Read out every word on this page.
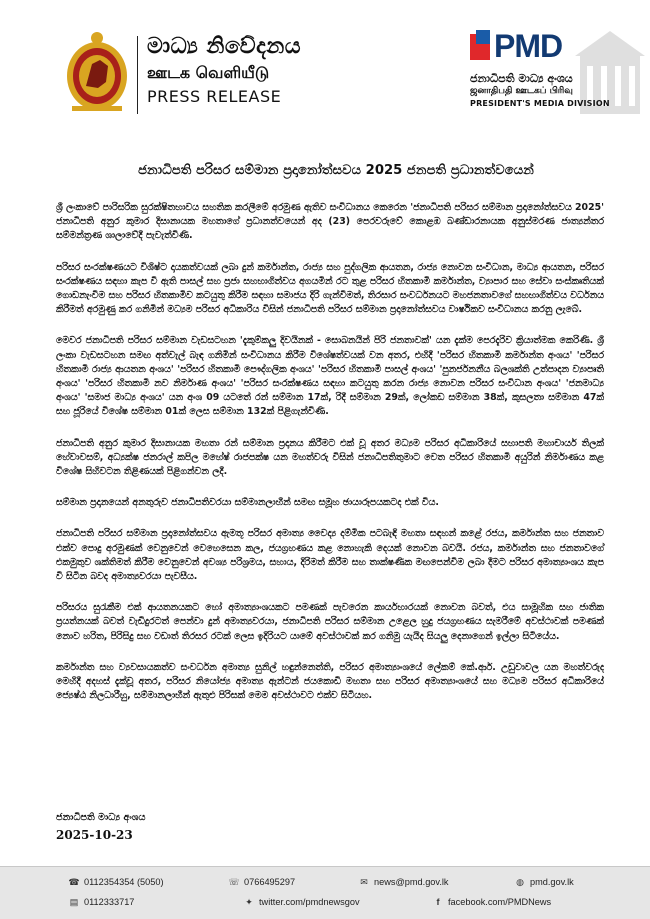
මාධ්‍ය නිවේදනය
ஊடக வெளியீடு
PRESS RELEASE
PMD
ජනාධිපති මාධ්‍ය අංශය
ஜனாதிபதி ஊடகப் பிரிவு
PRESIDENT'S MEDIA DIVISION
ජනාධිපති පරිසර සම්මාන ප්‍රදානෝත්සවය 2025 ජනපති ප්‍රධානත්වයෙන්

ශ්‍රී ලංකාවේ පාරිසරික සුරක්ෂිතභාවය සහතික කරලීමේ අරමුණ ඇතිව සංවිධානය කෙරෙන 'ජනාධිපති පරිසර සම්මාන ප්‍රදානෝත්සවය 2025' ජනාධිපති අනුර කුමාර දිසානායක මහතාගේ ප්‍රධානත්වයෙන් අද (23) පෙරවරුවේ කොළඹ බණ්ඩාරනායක අනුස්මරණ ජාත්‍යන්තර සම්මන්ත්‍රණ ශාලාවේදී පැවැත්විණි.

පරිසර සංරක්ෂණයට විශිෂ්ට දායකත්වයක් ලබා දුන් කර්මාන්ත, රාජ්‍ය සහ පුද්ගලික ආයතන, රාජ්‍ය නොවන සංවිධාන, මාධ්‍ය ආයතන, පරිසර සංරක්ෂණය සඳහා කැප වී ඇති පාසල් සහ ප්‍රජා සහභාගිත්වය අගයමින් රට තුළ පරිසර හිතකාමී කර්මාන්ත, ව්‍යාපාර සහ සේවා සංස්කෘතියක් ගොඩනැංවීම සහ පරිසර හිතකාමීව කටයුතු කිරීම සඳහා සමාජය දිරි ගැන්වීමත්, තිරසාර සංවර්ධනයට මහජනතාවගේ සහභාගිත්වය වර්ධනය කිරීමත් අරමුණු කර ගනිමින් මධ්‍යම පරිසර අධිකාරිය විසින් ජනාධිපති පරිසර සම්මාන ප්‍රදානෝත්සවය වාර්ෂිකව සංවිධානය කරනු ලැබේ.

මෙවර ජනාධිපති පරිසර සම්මාන වැඩසටහන 'දැකුම්කලු දිවයිනක් - සොබනයින් පිරි ජනතාවක්' යන දැක්ම පෙරදැරිව ක්‍රියාත්මක කෙරිණි. ශ්‍රී ලංකා වැඩසටහන සමඟ අත්වැල් බැඳ ගනිමින් සංවිධානය කිරීම විශේෂත්වයක් වන අතර, එහිදී 'පරිසර හිතකාමී කර්මාන්ත අංශය' 'පරිසර හිතකාමී රාජ්‍ය ආයතන අංශය' 'පරිසර හිතකාමී පෞද්ගලික අංශය' 'පරිසර හිතකාමී පාසල් අංශය' 'පුනර්ජනනීය බලශක්ති උත්පාදන ව්‍යාපෘති අංශය' 'පරිසර හිතකාමී නව නිර්මාණ අංශය' 'පරිසර සංරක්ෂණය සඳහා කටයුතු කරන රාජ්‍ය නොවන පරිසර සංවිධාන අංශය' 'ජනමාධ්‍ය අංශය' 'සමාජ මාධ්‍ය අංශය' යන අංශ 09 යටතේ රන් සම්මාන 17ක්, රිදී සම්මාන 29ක්, ලෝකඩ සම්මාන 38ක්, කුසලතා සම්මාන 47ක් සහ ජූරියේ විශේෂ සම්මාන 01ක් ලෙස සම්මාන 132ක් පිළිගැන්විණි.

ජනාධිපති අනුර කුමාර දිසානායක මහතා රන් සම්මාන ප්‍රදානය කිරීමට එක් වූ අතර මධ්‍යම පරිසර අධිකාරියේ සභාපති මහාචාර්ය තිලක් හේවාවසම්, අධ්‍යක්ෂ ජනරාල් කපිල මහේෂ් රාජපක්ෂ යන මහත්වරු විසින් ජනාධිපතිතුමාට වෙත පරිසර හිතකාමී අයුරින් නිර්මාණය කළ විශේෂ සිහිවටන තිළිණයක් පිළිගන්වන ලදී.

සම්මාන ප්‍රදානයෙන් අනතුරුව ජනාධිපතිවරයා සම්මානලාභීන් සමඟ සමූහ ඡායාරූපයකටද එක් විය.

ජනාධිපති පරිසර සම්මාන ප්‍රදානෝත්සවය ඇමතූ පරිසර අමාත්‍ය වෛද්‍ය දම්මික පටබැඳි මහතා සඳහන් කළේ රජය, කර්මාන්ත සහ ජනතාව එක්ව පොදු අරමුණක් වෙනුවෙන් වෙහෙසෙන කල, ජයග්‍රහණය කළ නොහැකි දෙයක් නොවන බවයි. රජය, කර්මාන්ත සහ ජනතාවගේ එකමුතුව ශක්තිමත් කිරීම වෙනුවෙන් අවශ්‍ය පරිශ්‍රමය, සහාය, දිරිමත් කිරීම සහ තාක්ෂණික මඟපෙන්වීම ලබා දීමට පරිසර අමාත්‍යාංශය කැප වී සිටින බවද අමාත්‍යවරයා පැවසීය.

පරිසරය සුරැකීම එක් ආයතනයකට හෝ අමාත්‍යාංශයකට පමණක් පැවරෙන කාර්යභාරයක් නොවන බවත්, එය සාමූහික සහ ජාතික ප්‍රයත්නයක් බවත් වැඩිදුරටත් පෙන්වා දුන් අමාත්‍යවරයා, ජනාධිපති පරිසර සම්මාන උළෙල හුදු ජයග්‍රහණය සැමරීමේ අවස්ථාවක් පමණක් නොව හරිත, පිරිසිදු සහ වඩාත් තිරසර රටක් ලෙස ඉදිරියට යාමේ අවස්ථාවක් කර ගනිමු යැයිද සියලු දෙනාගෙන් ඉල්ලා සිටියේය.

කර්මාන්ත සහ ව්‍යවසායකත්ව සංවර්ධන අමාත්‍ය සුනිල් හඳුන්නෙත්ති, පරිසර අමාත්‍යාංශයේ ලේකම් කේ.ආර්. උඩුවාවල යන මහත්වරුද මෙහිදී අදහස් දැක්වූ අතර, පරිසර නියෝජ්‍ය අමාත්‍ය ඇන්ටන් ජයකොඩි මහතා සහ පරිසර අමාත්‍යාංශයේ සහ මධ්‍යම පරිසර අධිකාරියේ ජ්‍යෙෂ්ඨ නිලධාරීහු, සම්මානලාභීන් ඇතුළු පිරිසක් මෙම අවස්ථාවට එක්ව සිටියහ.

ජනාධිපති මාධ්‍ය අංශය
2025-10-23
☎ 0112354354 (5050)	☏ 0766495297	✉ news@pmd.gov.lk	◍ pmd.gov.lk
▤ 0112333717	✦ twitter.com/pmdnewsgov	f facebook.com/PMDNews
